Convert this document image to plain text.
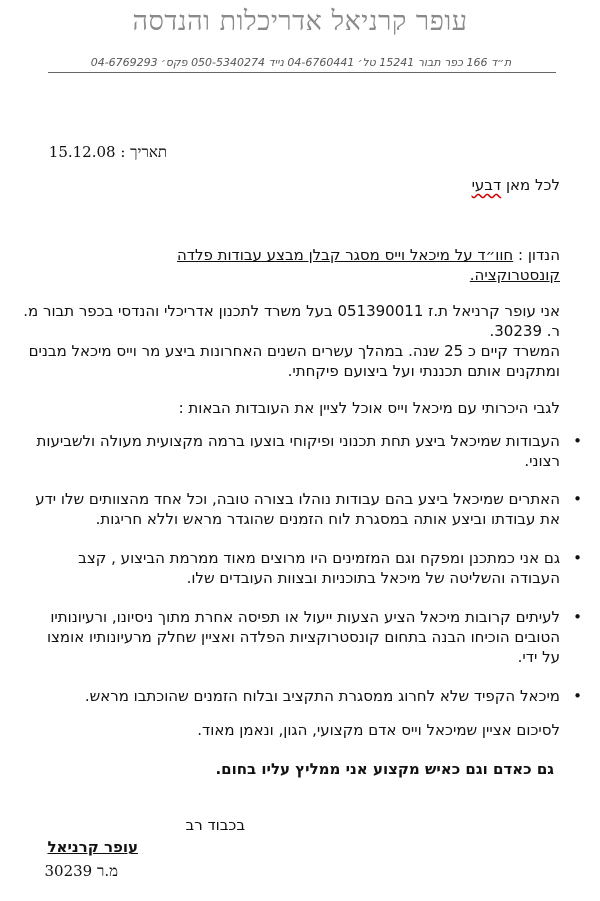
עופר קרניאל אדריכלות והנדסה
ת״ד 166 כפר תבור 15241 טל׳ 04-6760441 נייד 050-5340274 פקס׳ 04-6769293
15.12.08 תאריך :
לכל מאן דבעי
הנדון : חוו״ד על מיכאל וייס מסגר קבלן מבצע עבודות פלדה קונסטרוקציה.

אני עופר קרניאל ת.ז 051390011 בעל משרד לתכנון אדריכלי והנדסי בכפר תבור מ. ר. 30239.

המשרד קיים כ 25 שנה. במהלך עשרים השנים האחרונות ביצע מר וייס מיכאל מבנים ומתקנים אותם תכננתי ועל ביצועם פיקחתי.

לגבי היכרותי עם מיכאל וייס אוכל לציין את העובדות הבאות :
•
העבודות שמיכאל ביצע תחת תכנוני ופיקוחי בוצעו ברמה מקצועית מעולה ולשביעות רצוני.
•
האתרים שמיכאל ביצע בהם עבודות נוהלו בצורה טובה, וכל אחד מהצוותים שלו ידע את עבודתו וביצע אותה במסגרת לוח הזמנים שהוגדר מראש וללא חריגות.
•
גם אני כמתכנן ומפקח וגם המזמינים היו מרוצים מאוד ממרמת הביצוע , קצב העבודה והשליטה של מיכאל בתוכניות ובצוות העובדים שלו.
•
לעיתים קרובות מיכאל הציע הצעות ייעול או תפיסה אחרת מתוך ניסיונו, ורעיונותיו הטובים הוכיחו הבנה בתחום קונסטרוקציות הפלדה ואציין שחלק מרעיונותיו אומצו על ידי.
•
מיכאל הקפיד שלא לחרוג ממסגרת התקציב ובלוח הזמנים שהוכתבו מראש.
לסיכום אציין שמיכאל וייס אדם מקצועי, הגון, ונאמן מאוד.
גם כאדם וגם כאיש מקצוע אני ממליץ עליו בחום.
בכבוד רב
עופר קרניאל
מ.ר 30239
